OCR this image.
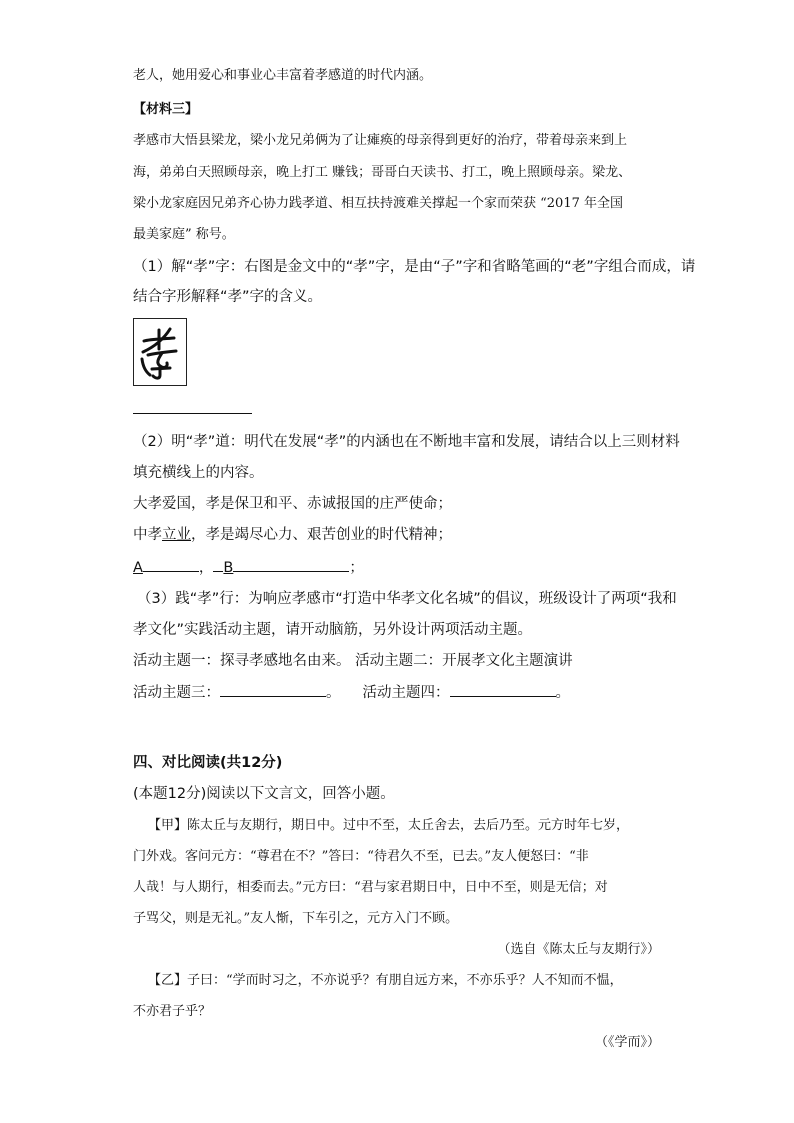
老人，她用爱心和事业心丰富着孝感道的时代内涵。
【材料三】
孝感市大悟县梁龙，梁小龙兄弟俩为了让瘫痪的母亲得到更好的治疗，带着母亲来到上
海，弟弟白天照顾母亲，晚上打工 赚钱；哥哥白天读书、打工，晚上照顾母亲。梁龙、
梁小龙家庭因兄弟齐心协力践孝道、相互扶持渡难关撑起一个家而荣获 “2017 年全国
最美家庭” 称号。
（1）解“孝”字：右图是金文中的“孝”字，是由“子”字和省略笔画的“老”字组合而成，请
结合字形解释“孝”字的含义。
（2）明“孝”道：明代在发展“孝”的内涵也在不断地丰富和发展，请结合以上三则材料
填充横线上的内容。
大孝爱国，孝是保卫和平、赤诚报国的庄严使命；
中孝立业，孝是竭尽心力、艰苦创业的时代精神；
A	， B	；
（3）践“孝”行：为响应孝感市“打造中华孝文化名城”的倡议，班级设计了两项“我和
孝文化”实践活动主题，请开动脑筋，另外设计两项活动主题。
活动主题一：探寻孝感地名由来。 活动主题二：开展孝文化主题演讲
活动主题三：	。 活动主题四：	。
四、对比阅读(共12分)
(本题12分)阅读以下文言文，回答小题。
【甲】陈太丘与友期行，期日中。过中不至，太丘舍去，去后乃至。元方时年七岁，
门外戏。客问元方：“尊君在不？”答曰：“待君久不至，已去。”友人便怒曰：“非
人哉！与人期行，相委而去。”元方曰：“君与家君期日中，日中不至，则是无信；对
子骂父，则是无礼。”友人惭，下车引之，元方入门不顾。
（选自《陈太丘与友期行》）
【乙】子曰：“学而时习之，不亦说乎？有朋自远方来，不亦乐乎？人不知而不愠，
不亦君子乎？
（《学而》）
